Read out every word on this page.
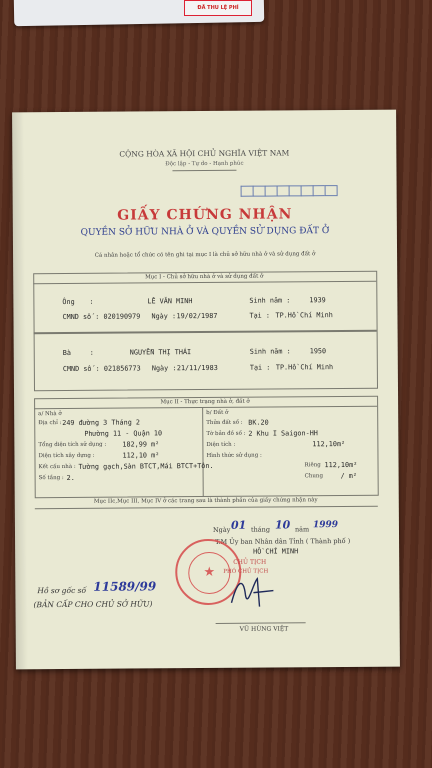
ĐÃ THU LỆ PHÍ
CỘNG HÒA XÃ HỘI CHỦ NGHĨA VIỆT NAM
Độc lập - Tự do - Hạnh phúc
GIẤY CHỨNG NHẬN
QUYỀN SỞ HỮU NHÀ Ở VÀ QUYỀN SỬ DỤNG ĐẤT Ở
Cá nhân hoặc tổ chức có tên ghi tại mục I là chủ sở hữu nhà ở và sử dụng đất ở
Mục I - Chủ sở hữu nhà ở và sử dụng đất ở
Ông :	LÊ VĂN MINH	Sinh năm :	1939
CMND số : 020190979 Ngày : 19/02/1987	Tại : TP.Hồ Chí Minh
Bà	:	NGUYỄN THỊ THÁI	Sinh năm :	1950
CMND số : 021856773 Ngày : 21/11/1983	Tại : TP.Hồ Chí Minh
Mục II - Thực trạng nhà ở, đất ở
a/ Nhà ở
Địa chỉ : 249 đường 3 Tháng 2
Phường 11 - Quận 10
Tổng diện tích sử dụng : 182,99 m²
Diện tích xây dựng :	112,10 m²
Kết cấu nhà : Tường gạch,Sàn BTCT,Mái BTCT+Tôn.
Số tầng : 2.
b/ Đất ở
Thửa đất số : BK.20
Tờ bản đồ số : 2 Khu I Saigon-HH
Diện tích :	112,10m²
Hình thức sử dụng :
Riêng 112,10m²
Chung	/ m²
Mục IIc,Mục III, Mục IV ở các trang sau là thành phần của giấy chứng nhận này
Ngày 01 tháng 10 năm 1999
T.M Ủy ban Nhân dân Tỉnh ( Thành phố )
HỒ CHÍ MINH
★
CHỦ TỊCH
PHÓ CHỦ TỊCH
VŨ HÙNG VIỆT
Hồ sơ gốc số 11589/99
(BẢN CẤP CHO CHỦ SỞ HỮU)
